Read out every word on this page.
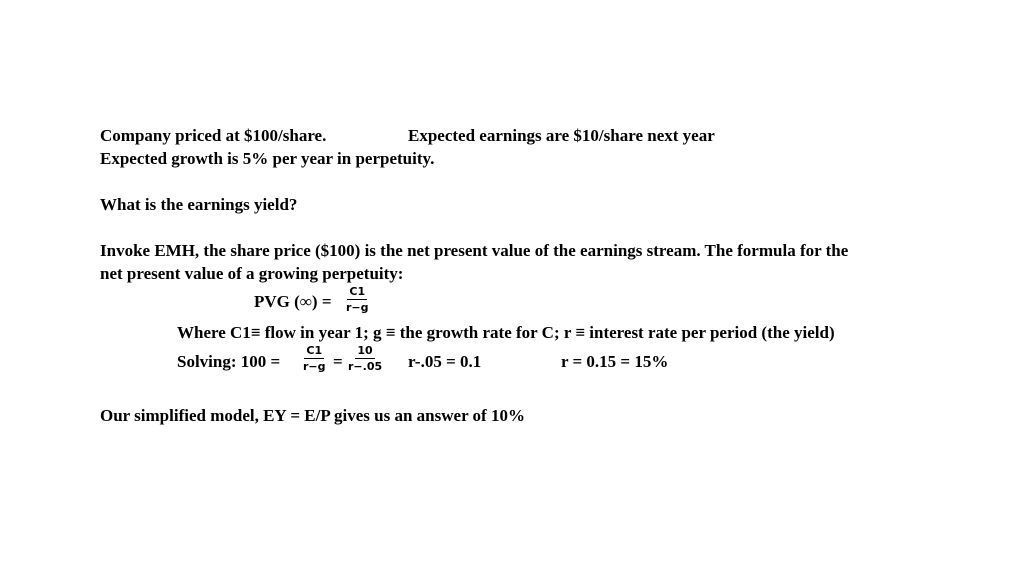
Company priced at $100/share.	Expected earnings are $10/share next year
Expected growth is 5% per year in perpetuity.
What is the earnings yield?
Invoke EMH, the share price ($100) is the net present value of the earnings stream. The formula for the
net present value of a growing perpetuity:
PVG (∞) = $\frac{C1}{r-g}$
Where C1≡ flow in year 1; g ≡ the growth rate for C; r ≡ interest rate per period (the yield)
Solving: $100 = \frac{C1}{r-g} = \frac{10}{r-.05} r-.05 = 0.1$	r = 0.15 = 15%
Our simplified model, EY = E/P gives us an answer of 10%
